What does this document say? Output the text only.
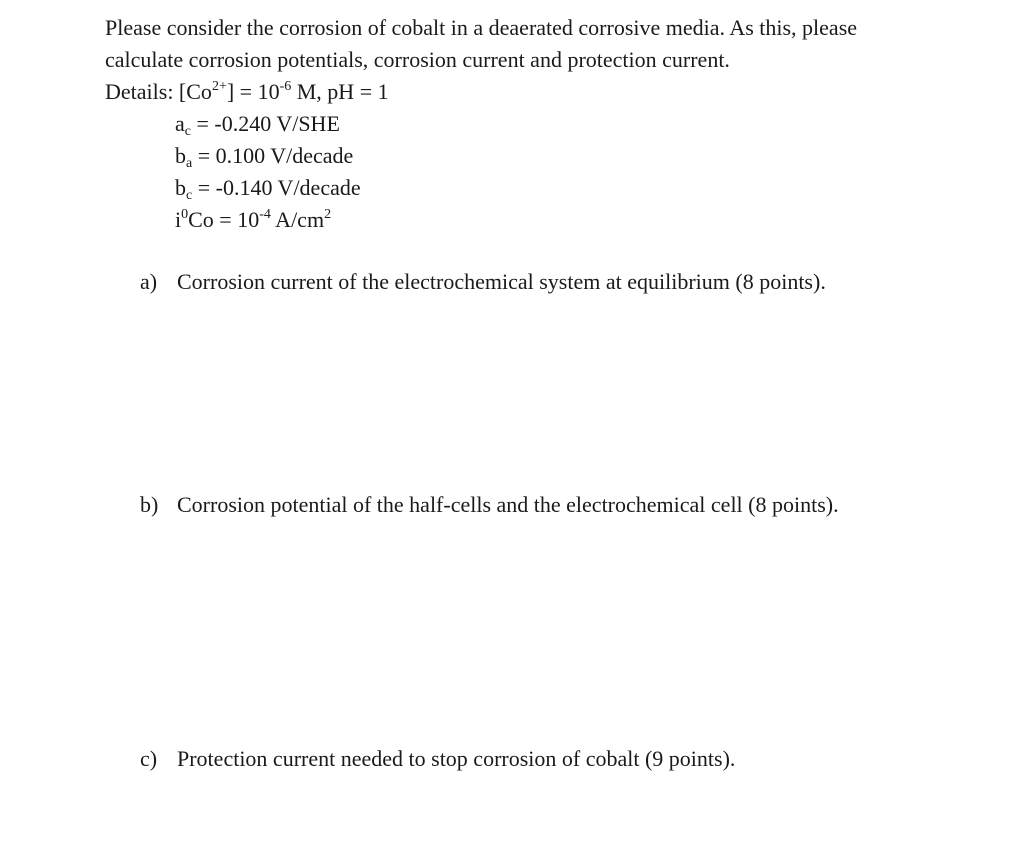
Please consider the corrosion of cobalt in a deaerated corrosive media. As this, please

calculate corrosion potentials, corrosion current and protection current.

Details: $[Co^{2+}] = 10^{-6}$ M, pH = 1
$a_c = -0.240$ V/SHE
$b_a = 0.100$ V/decade
$b_c = -0.140$ V/decade
$i^0Co = 10^{-4}$ $A/cm^2$
a) Corrosion current of the electrochemical system at equilibrium (8 points).
b) Corrosion potential of the half-cells and the electrochemical cell (8 points).
c) Protection current needed to stop corrosion of cobalt (9 points).
